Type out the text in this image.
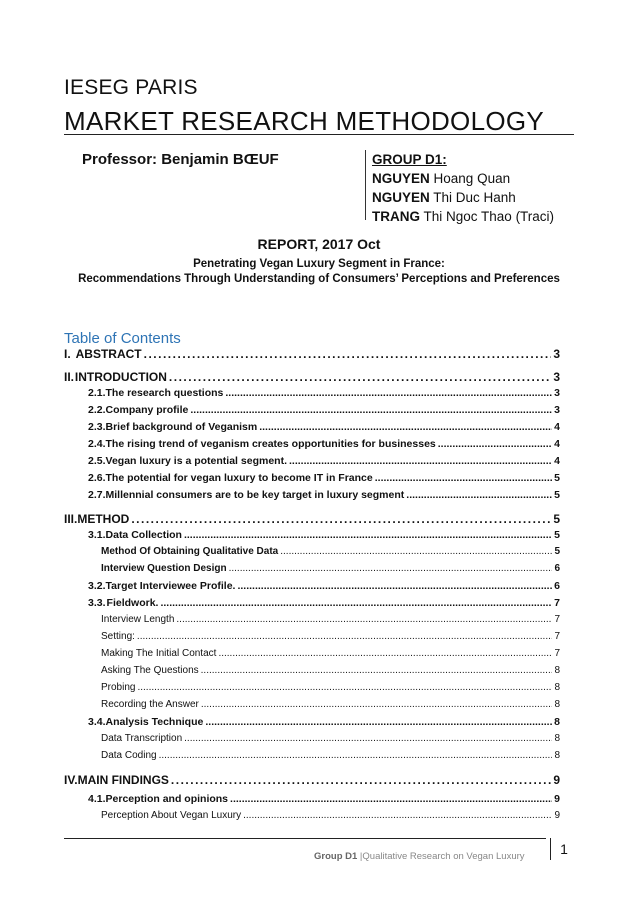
IESEG PARIS
MARKET RESEARCH METHODOLOGY
Professor: Benjamin BŒUF	GROUP D1:
NGUYEN Hoang Quan
NGUYEN Thi Duc Hanh
TRANG Thi Ngoc Thao (Traci)
REPORT, 2017 Oct
Penetrating Vegan Luxury Segment in France:
Recommendations Through Understanding of Consumers’ Perceptions and Preferences
Table of Contents
I. ABSTRACT .....	3
II. INTRODUCTION .....	3
2.1. The research questions .....	3
2.2. Company profile .....	3
2.3. Brief background of Veganism .....	4
2.4. The rising trend of veganism creates opportunities for businesses .....	4
2.5. Vegan luxury is a potential segment. .....	4
2.6. The potential for vegan luxury to become IT in France .....	5
2.7. Millennial consumers are to be key target in luxury segment .....	5
III. METHOD .....	5
3.1. Data Collection .....	5
Method Of Obtaining Qualitative Data .....	5
Interview Question Design .....	6
3.2. Target Interviewee Profile. .....	6
3.3. Fieldwork. .....	7
Interview Length .....	7
Setting: .....	7
Making The Initial Contact .....	7
Asking The Questions .....	8
Probing .....	8
Recording the Answer .....	8
3.4. Analysis Technique .....	8
Data Transcription .....	8
Data Coding .....	8
IV. MAIN FINDINGS .....	9
4.1. Perception and opinions .....	9
Perception About Vegan Luxury .....	9
Group D1 |Qualitative Research on Vegan Luxury	1
